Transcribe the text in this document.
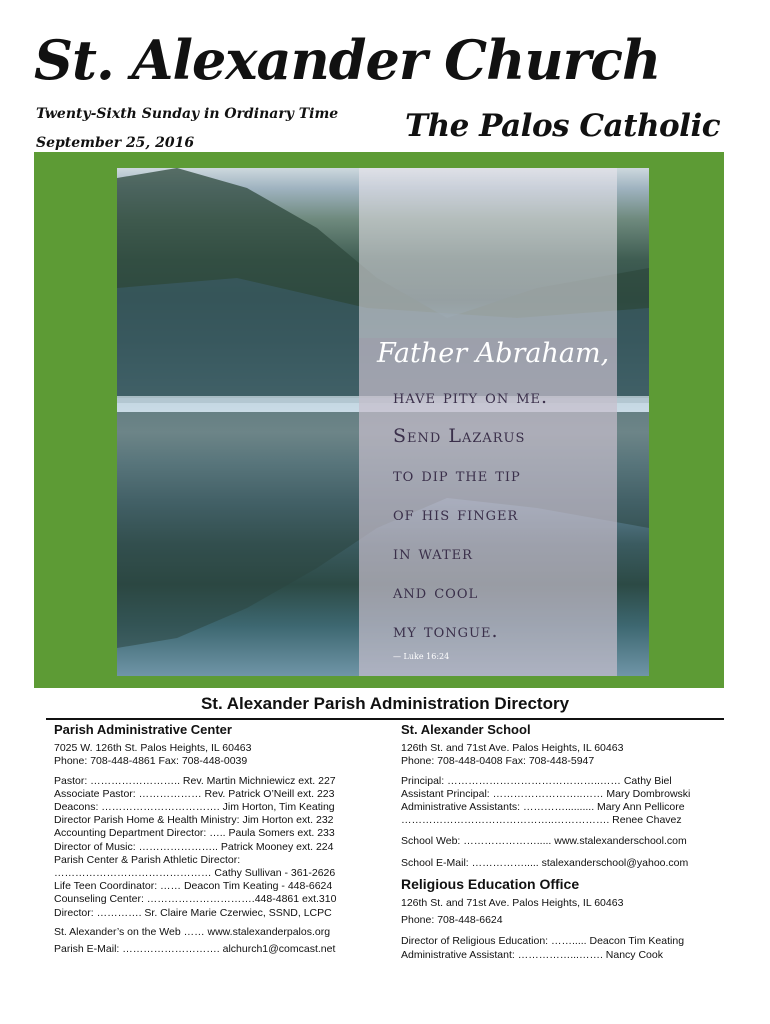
St. Alexander Church
Twenty-Sixth Sunday in Ordinary Time
September 25, 2016	The Palos Catholic
Father Abraham,
have pity on me.
Send Lazarus
to dip the tip
of his finger
in water
and cool
my tongue.
— Luke 16:24
St. Alexander Parish Administration Directory
Parish Administrative Center
7025 W. 126th St. Palos Heights, IL 60463
Phone: 708-448-4861 Fax: 708-448-0039
Pastor: …………………….. Rev. Martin Michniewicz ext. 227
Associate Pastor: ……………… Rev. Patrick O’Neill ext. 223
Deacons: ……………………………. Jim Horton, Tim Keating
Director Parish Home & Health Ministry: Jim Horton ext. 232
Accounting Department Director: ….. Paula Somers ext. 233
Director of Music: ………………….. Patrick Mooney ext. 224
Parish Center & Parish Athletic Director:
……………………………………… Cathy Sullivan - 361-2626
Life Teen Coordinator: …… Deacon Tim Keating - 448-6624
Counseling Center: ………………………….448-4861 ext.310
Director: …………. Sr. Claire Marie Czerwiec, SSND, LCPC
St. Alexander’s on the Web …… www.stalexanderpalos.org
Parish E-Mail: ………………………. alchurch1@comcast.net
St. Alexander School
126th St. and 71st Ave. Palos Heights, IL 60463
Phone: 708-448-0408 Fax: 708-448-5947
Principal: ……………………………………..…… Cathy Biel
Assistant Principal: ……………………..…… Mary Dombrowski
Administrative Assistants: ………….......... Mary Ann Pellicore
……………………………………..……………. Renee Chavez
School Web: …………………..... www.stalexanderschool.com
School E-Mail: ……………..... stalexanderschool@yahoo.com
Religious Education Office
126th St. and 71st Ave. Palos Heights, IL 60463
Phone: 708-448-6624
Director of Religious Education: ……..... Deacon Tim Keating
Administrative Assistant: ……………...……. Nancy Cook
